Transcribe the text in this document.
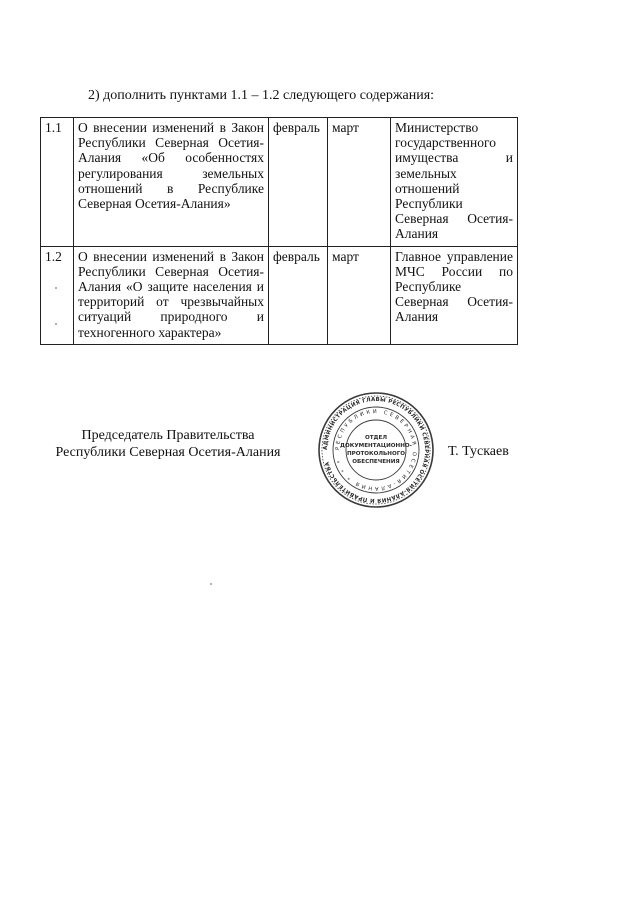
2) дополнить пунктами 1.1 – 1.2 следующего содержания:
1.1	О внесении изменений в Закон Республики Северная Осетия-Алания «Об особенностях регулирования земельных отношений в Республике Северная Осетия-Алания»	февраль	март	Министерство государственного имущества и земельных отношений Республики Северная Осетия-Алания
1.2	О внесении изменений в Закон Республики Северная Осетия-Алания «О защите населения и территорий от чрезвычайных ситуаций природного и техногенного характера»	февраль	март	Главное управление МЧС России по Республике Северная Осетия-Алания
Председатель Правительства
Республики Северная Осетия-Алания	АДМИНИСТРАЦИЯ ГЛАВЫ РЕСПУБЛИКИ СЕВЕРНАЯ ОСЕТИЯ-АЛАНИЯ И ПРАВИТЕЛЬСТВА
РЕСПУБЛИКИ СЕВЕРНАЯ ОСЕТИЯ-АЛАНИЯ * * *
ОТДЕЛ
ДОКУМЕНТАЦИОННО-
ПРОТОКОЛЬНОГО
ОБЕСПЕЧЕНИЯ
Т. Тускаев
